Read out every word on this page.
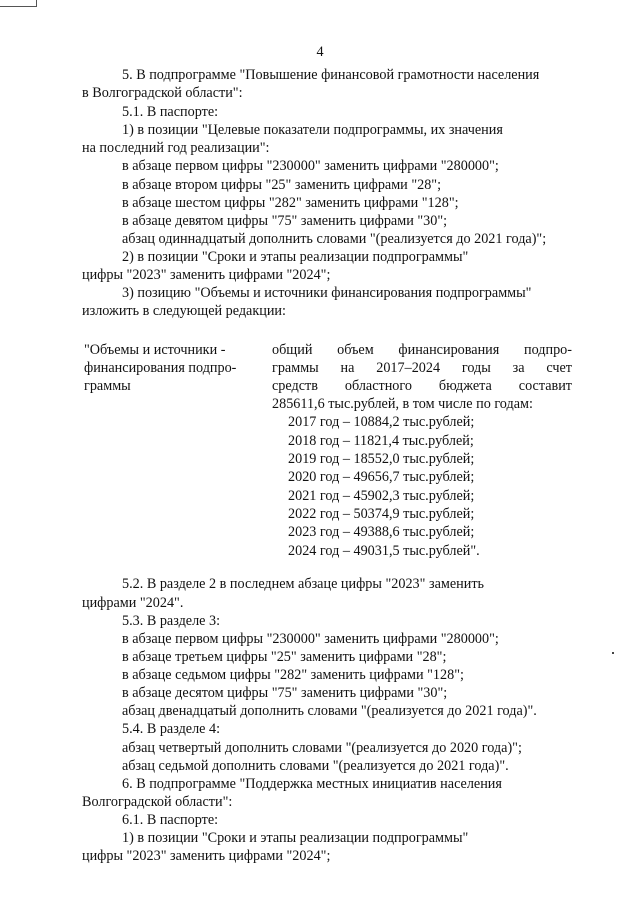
4
5. В подпрограмме "Повышение финансовой грамотности населения
в Волгоградской области":
5.1. В паспорте:
1) в позиции "Целевые показатели подпрограммы, их значения
на последний год реализации":
в абзаце первом цифры "230000" заменить цифрами "280000";
в абзаце втором цифры "25" заменить цифрами "28";
в абзаце шестом цифры "282" заменить цифрами "128";
в абзаце девятом цифры "75" заменить цифрами "30";
абзац одиннадцатый дополнить словами "(реализуется до 2021 года)";
2) в позиции "Сроки и этапы реализации подпрограммы"
цифры "2023" заменить цифрами "2024";
3) позицию "Объемы и источники финансирования подпрограммы"
изложить в следующей редакции:
"Объемы и источники -
финансирования подпро-
граммы
общий объем финансирования подпро-
граммы на 2017–2024 годы за счет
средств областного бюджета составит
285611,6 тыс.рублей, в том числе по годам:
2017 год – 10884,2 тыс.рублей;
2018 год – 11821,4 тыс.рублей;
2019 год – 18552,0 тыс.рублей;
2020 год – 49656,7 тыс.рублей;
2021 год – 45902,3 тыс.рублей;
2022 год – 50374,9 тыс.рублей;
2023 год – 49388,6 тыс.рублей;
2024 год – 49031,5 тыс.рублей".
5.2. В разделе 2 в последнем абзаце цифры "2023" заменить
цифрами "2024".
5.3. В разделе 3:
в абзаце первом цифры "230000" заменить цифрами "280000";
в абзаце третьем цифры "25" заменить цифрами "28";
в абзаце седьмом цифры "282" заменить цифрами "128";
в абзаце десятом цифры "75" заменить цифрами "30";
абзац двенадцатый дополнить словами "(реализуется до 2021 года)".
5.4. В разделе 4:
абзац четвертый дополнить словами "(реализуется до 2020 года)";
абзац седьмой дополнить словами "(реализуется до 2021 года)".
6. В подпрограмме "Поддержка местных инициатив населения
Волгоградской области":
6.1. В паспорте:
1) в позиции "Сроки и этапы реализации подпрограммы"
цифры "2023" заменить цифрами "2024";
